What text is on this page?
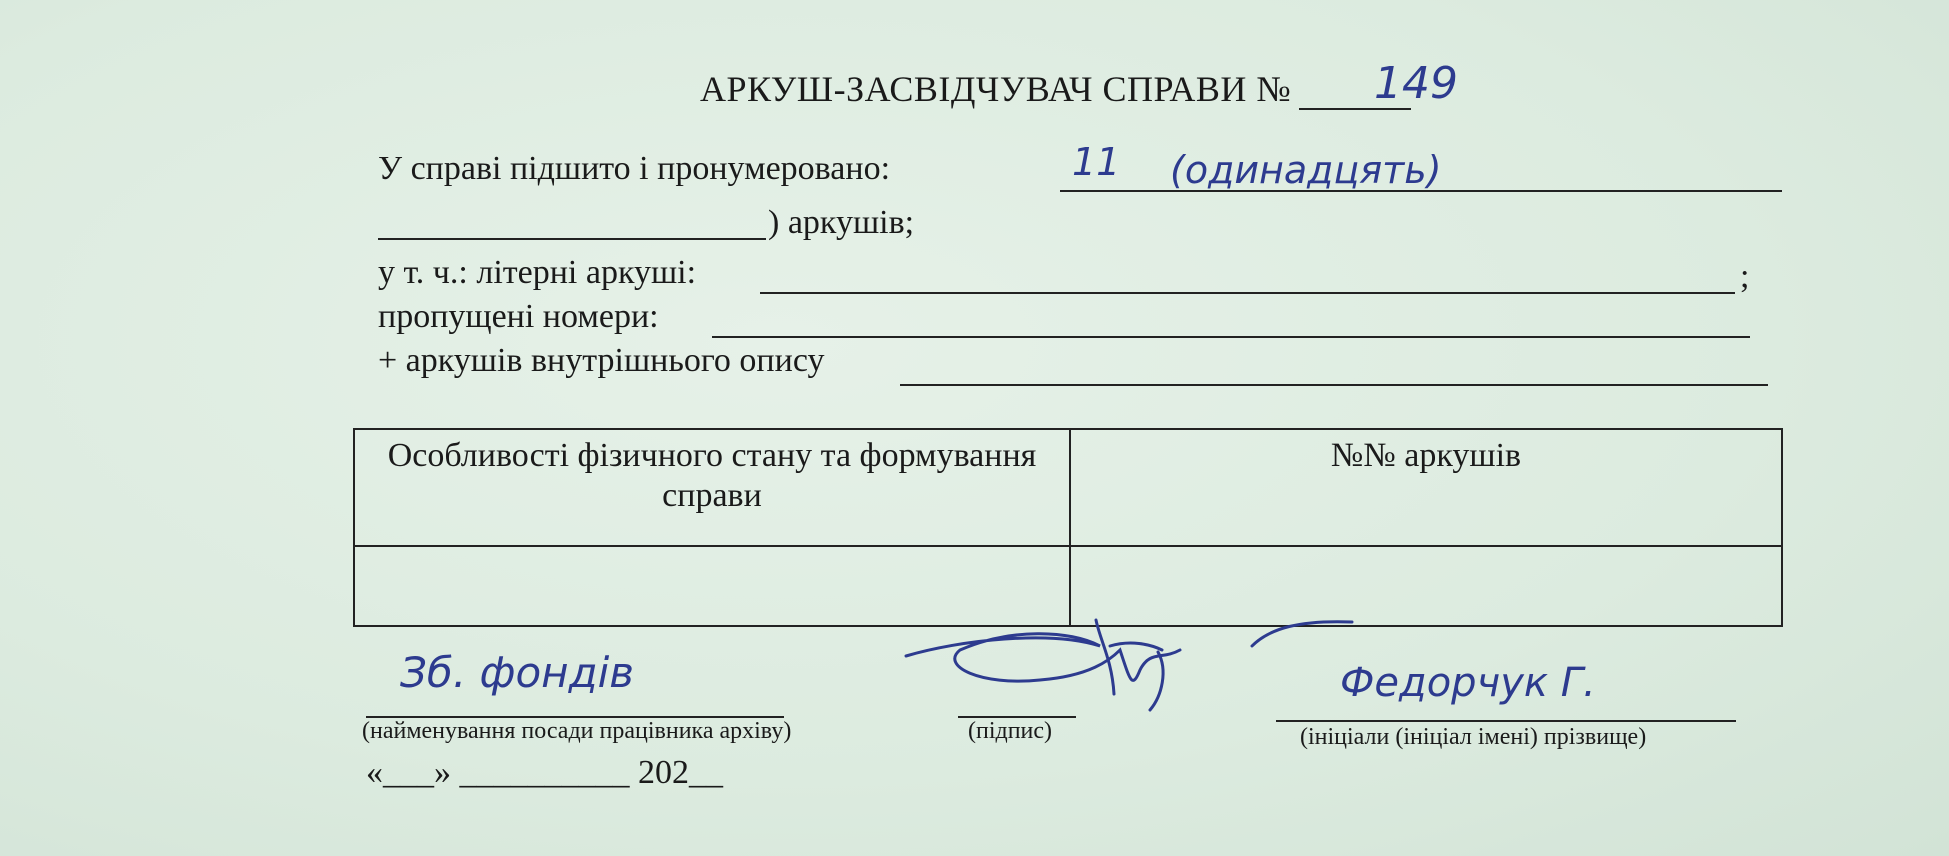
АРКУШ-ЗАСВІДЧУВАЧ СПРАВИ №	149
У справі підшито і пронумеровано:	11 (одинадцять)
) аркушів;
у т. ч.: літерні аркуші:	;
пропущені номери:
+ аркушів внутрішнього опису
Особливості фізичного стану та формування справи	№№ аркушів

Зб. фондів
(найменування посади працівника архіву)	(підпис)
Федорчук Г.
(ініціали (ініціал імені) прізвище)
«___» __________ 202__
